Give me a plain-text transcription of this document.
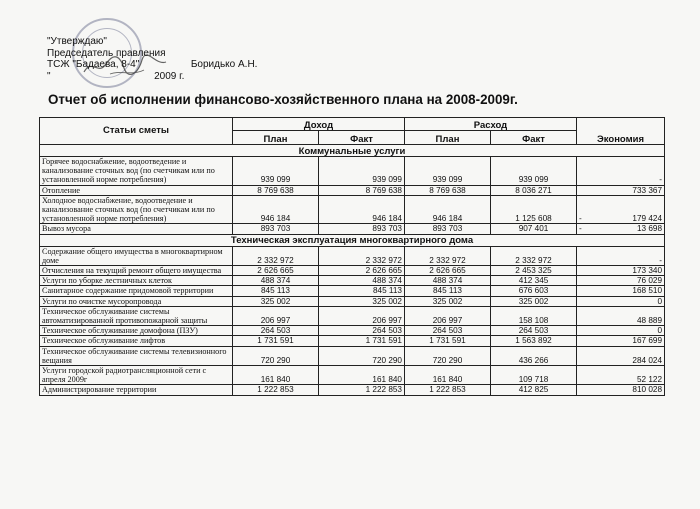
"Утверждаю"
Председатель правления
ТСЖ "Бадаева, 8-4"	Боридько А.Н.
"	2009 г.
Отчет об исполнении финансово-хозяйственного плана на 2008-2009г.
Статьи сметы	Доход		Расход		Экономия
	План	Факт	План	Факт	
Коммунальные услуги					
Горячее водоснабжение, водоотведение и канализование сточных вод (по счетчикам или по установленной норме потребления)	939 099	939 099	939 099	939 099	-
Отопление	8 769 638	8 769 638	8 769 638	8 036 271	733 367
Холодное водоснабжение, водоотведение и канализование сточных вод (по счетчикам или по установленной норме потребления)	946 184	946 184	946 184	1 125 608	- 179 424
Вывоз мусора	893 703	893 703	893 703	907 401	- 13 698
Техническая эксплуатация многоквартирного дома					
Содержание общего имущества в многоквартирном доме	2 332 972	2 332 972	2 332 972	2 332 972	-
Отчисления на текущий ремонт общего имущества	2 626 665	2 626 665	2 626 665	2 453 325	173 340
Услуги по уборке лестничных клеток	488 374	488 374	488 374	412 345	76 029
Санитарное содержание придомовой территории	845 113	845 113	845 113	676 603	168 510
Услуги по очистке мусоропровода	325 002	325 002	325 002	325 002	0
Техническое обслуживание системы автоматизированной противопожарной защиты	206 997	206 997	206 997	158 108	48 889
Техническое обслуживание домофона (ПЗУ)	264 503	264 503	264 503	264 503	0
Техническое обслуживание лифтов	1 731 591	1 731 591	1 731 591	1 563 892	167 699
Техническое обслуживание системы телевизионного вещания	720 290	720 290	720 290	436 266	284 024
Услуги городской радиотрансляционной сети с апреля 2009г	161 840	161 840	161 840	109 718	52 122
Администрирование территории	1 222 853	1 222 853	1 222 853	412 825	810 028
